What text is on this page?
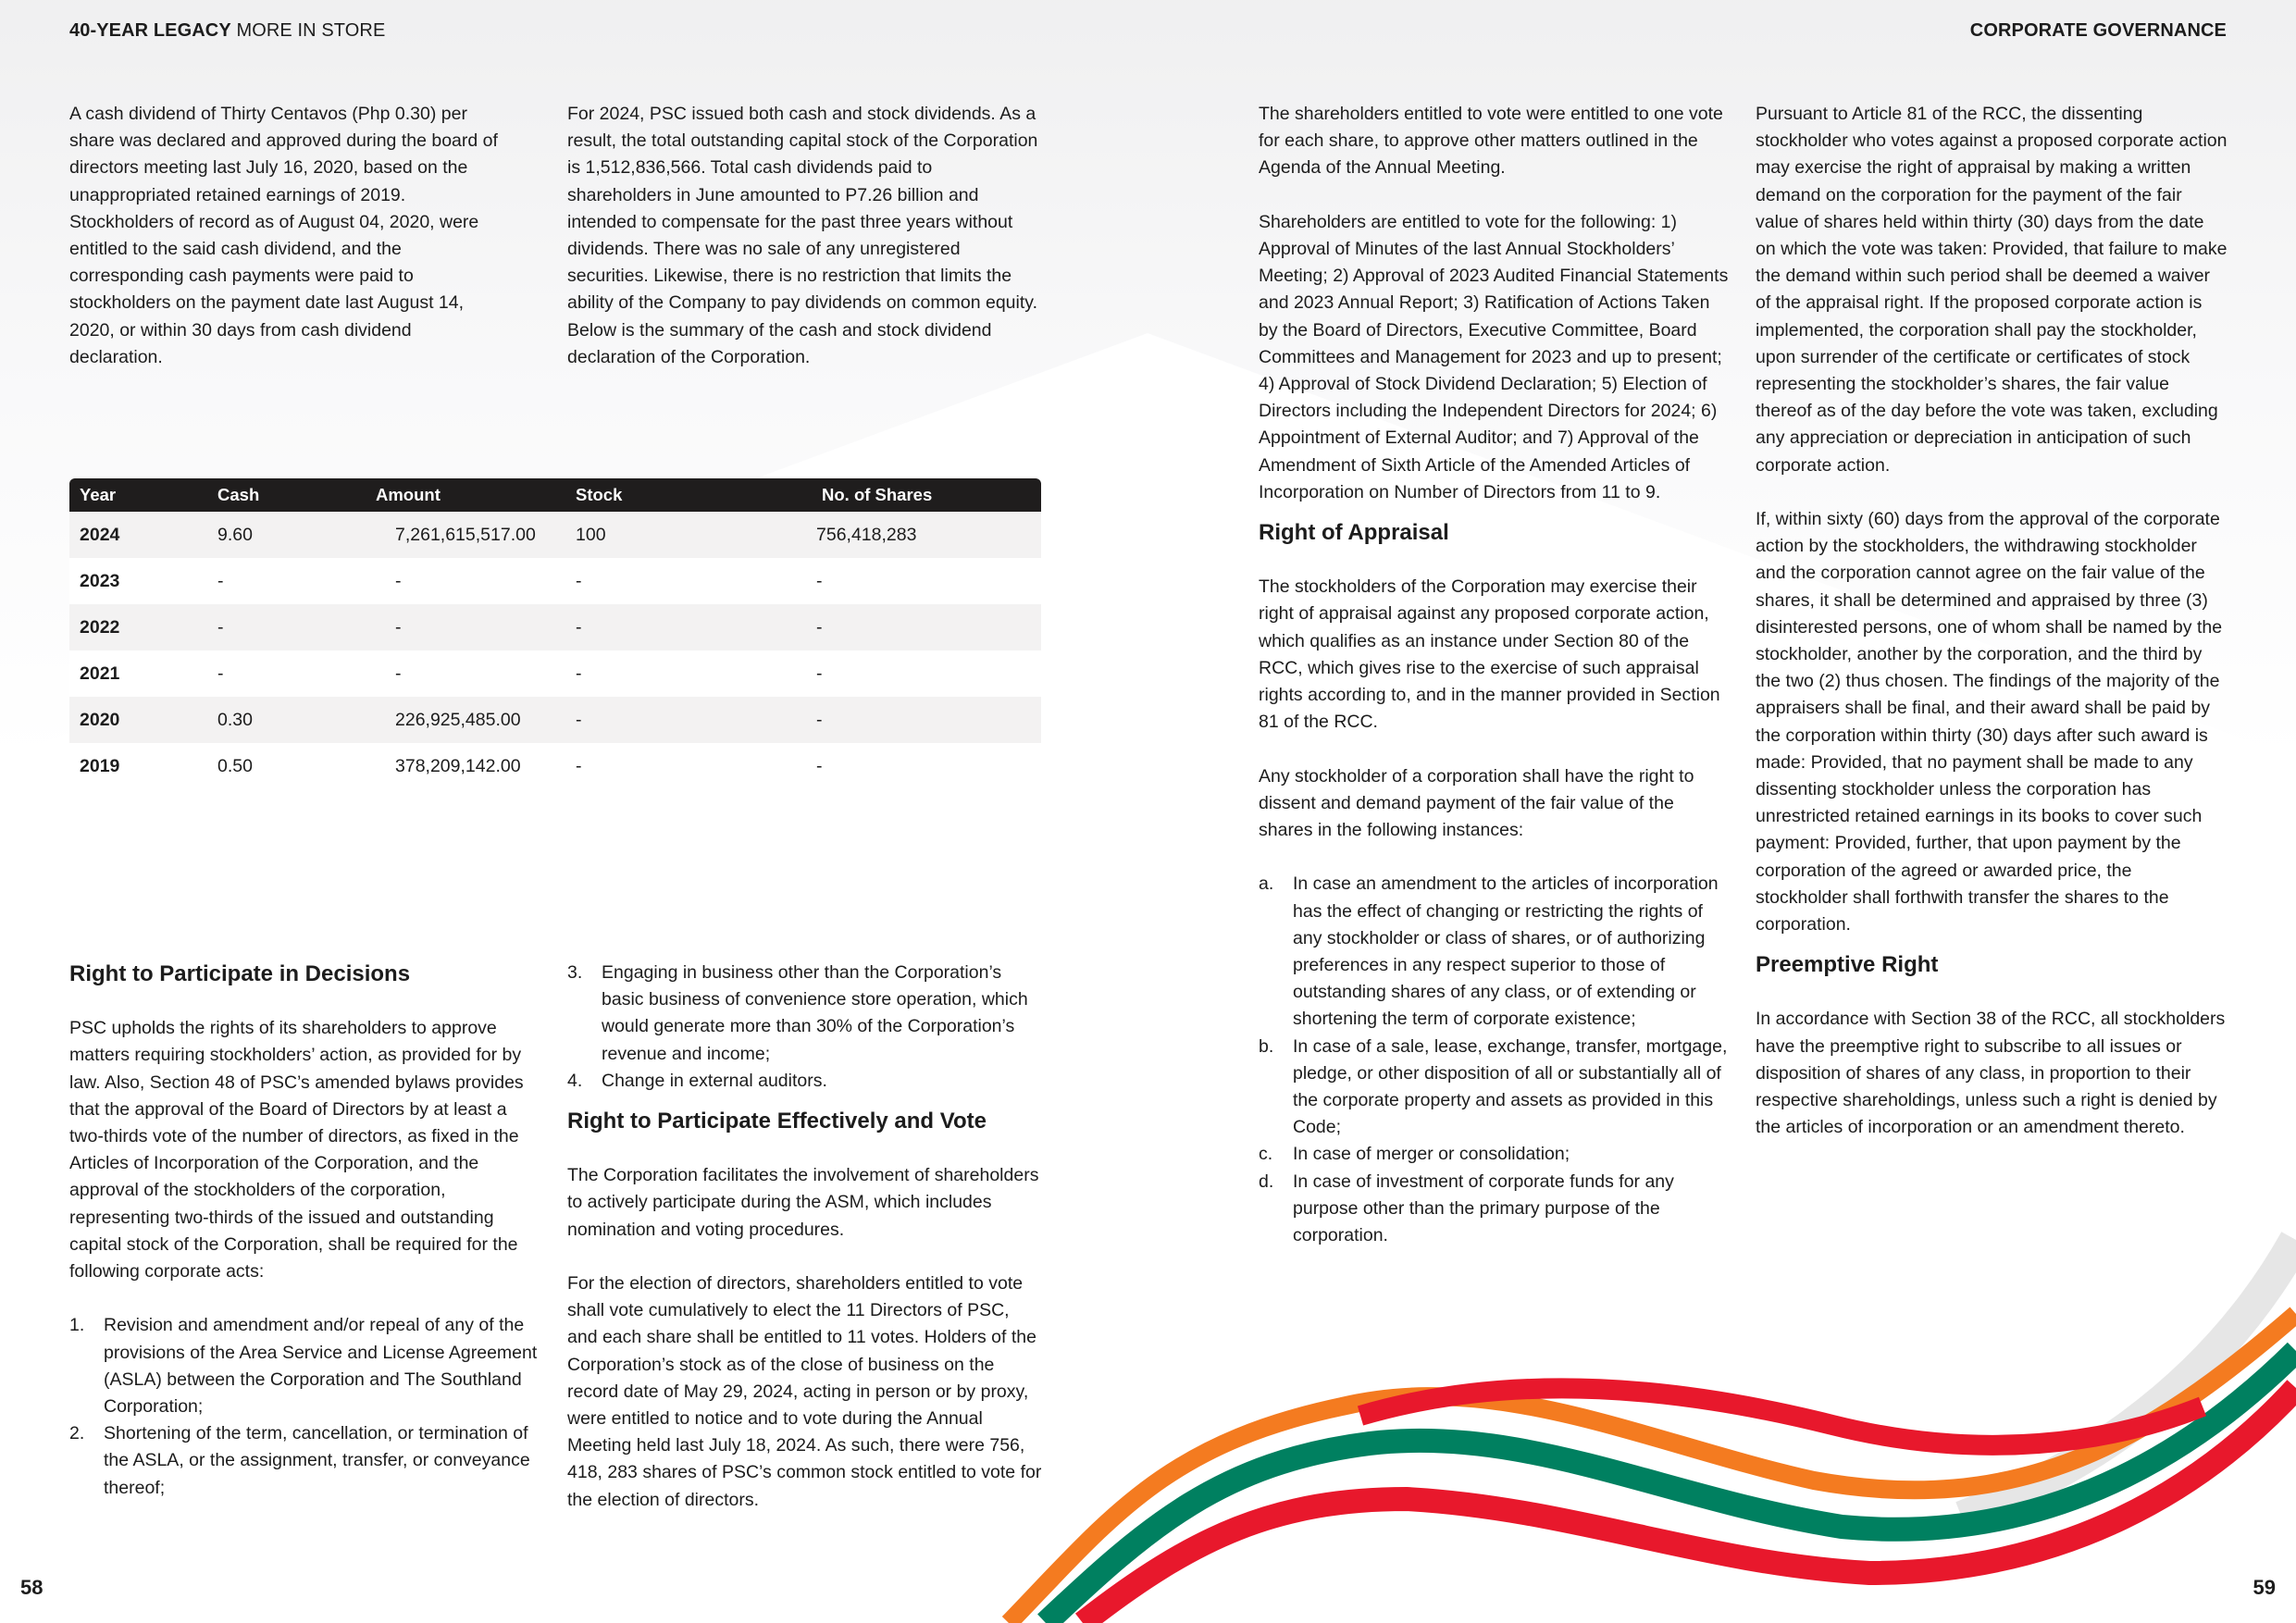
40-YEAR LEGACY MORE IN STORE	CORPORATE GOVERNANCE

A cash dividend of Thirty Centavos (Php 0.30) per share was declared and approved during the board of directors meeting last July 16, 2020, based on the unappropriated retained earnings of 2019. Stockholders of record as of August 04, 2020, were entitled to the said cash dividend, and the corresponding cash payments were paid to stockholders on the payment date last August 14, 2020, or within 30 days from cash dividend declaration.

For 2024, PSC issued both cash and stock dividends. As a result, the total outstanding capital stock of the Corporation is 1,512,836,566. Total cash dividends paid to shareholders in June amounted to P7.26 billion and intended to compensate for the past three years without dividends. There was no sale of any unregistered securities. Likewise, there is no restriction that limits the ability of the Company to pay dividends on common equity. Below is the summary of the cash and stock dividend declaration of the Corporation.

Year	Cash	Amount	Stock	No. of Shares
2024	9.60	7,261,615,517.00	100	756,418,283
2023	-	-	-	-
2022	-	-	-	-
2021	-	-	-	-
2020	0.30	226,925,485.00	-	-
2019	0.50	378,209,142.00	-	-
Right to Participate in Decisions

PSC upholds the rights of its shareholders to approve matters requiring stockholders’ action, as provided for by law. Also, Section 48 of PSC’s amended bylaws provides that the approval of the Board of Directors by at least a two-thirds vote of the number of directors, as fixed in the Articles of Incorporation of the Corporation, and the approval of the stockholders of the corporation, representing two-thirds of the issued and outstanding capital stock of the Corporation, shall be required for the following corporate acts:

1. Revision and amendment and/or repeal of any of the provisions of the Area Service and License Agreement (ASLA) between the Corporation and The Southland Corporation;
2. Shortening of the term, cancellation, or termination of the ASLA, or the assignment, transfer, or conveyance thereof;
3. Engaging in business other than the Corporation’s basic business of convenience store operation, which would generate more than 30% of the Corporation’s revenue and income;
4. Change in external auditors.
Right to Participate Effectively and Vote

The Corporation facilitates the involvement of shareholders to actively participate during the ASM, which includes nomination and voting procedures.

For the election of directors, shareholders entitled to vote shall vote cumulatively to elect the 11 Directors of PSC, and each share shall be entitled to 11 votes. Holders of the Corporation’s stock as of the close of business on the record date of May 29, 2024, acting in person or by proxy, were entitled to notice and to vote during the Annual Meeting held last July 18, 2024. As such, there were 756, 418, 283 shares of PSC’s common stock entitled to vote for the election of directors.

The shareholders entitled to vote were entitled to one vote for each share, to approve other matters outlined in the Agenda of the Annual Meeting.

Shareholders are entitled to vote for the following: 1) Approval of Minutes of the last Annual Stockholders’ Meeting; 2) Approval of 2023 Audited Financial Statements and 2023 Annual Report; 3) Ratification of Actions Taken by the Board of Directors, Executive Committee, Board Committees and Management for 2023 and up to present; 4) Approval of Stock Dividend Declaration; 5) Election of Directors including the Independent Directors for 2024; 6) Appointment of External Auditor; and 7) Approval of the Amendment of Sixth Article of the Amended Articles of Incorporation on Number of Directors from 11 to 9.

Right of Appraisal

The stockholders of the Corporation may exercise their right of appraisal against any proposed corporate action, which qualifies as an instance under Section 80 of the RCC, which gives rise to the exercise of such appraisal rights according to, and in the manner provided in Section 81 of the RCC.

Any stockholder of a corporation shall have the right to dissent and demand payment of the fair value of the shares in the following instances:

a. In case an amendment to the articles of incorporation has the effect of changing or restricting the rights of any stockholder or class of shares, or of authorizing preferences in any respect superior to those of outstanding shares of any class, or of extending or shortening the term of corporate existence;
b. In case of a sale, lease, exchange, transfer, mortgage, pledge, or other disposition of all or substantially all of the corporate property and assets as provided in this Code;
c. In case of merger or consolidation;
d. In case of investment of corporate funds for any purpose other than the primary purpose of the corporation.

Pursuant to Article 81 of the RCC, the dissenting stockholder who votes against a proposed corporate action may exercise the right of appraisal by making a written demand on the corporation for the payment of the fair value of shares held within thirty (30) days from the date on which the vote was taken: Provided, that failure to make the demand within such period shall be deemed a waiver of the appraisal right. If the proposed corporate action is implemented, the corporation shall pay the stockholder, upon surrender of the certificate or certificates of stock representing the stockholder’s shares, the fair value thereof as of the day before the vote was taken, excluding any appreciation or depreciation in anticipation of such corporate action.

If, within sixty (60) days from the approval of the corporate action by the stockholders, the withdrawing stockholder and the corporation cannot agree on the fair value of the shares, it shall be determined and appraised by three (3) disinterested persons, one of whom shall be named by the stockholder, another by the corporation, and the third by the two (2) thus chosen. The findings of the majority of the appraisers shall be final, and their award shall be paid by the corporation within thirty (30) days after such award is made: Provided, that no payment shall be made to any dissenting stockholder unless the corporation has unrestricted retained earnings in its books to cover such payment: Provided, further, that upon payment by the corporation of the agreed or awarded price, the stockholder shall forthwith transfer the shares to the corporation.

Preemptive Right

In accordance with Section 38 of the RCC, all stockholders have the preemptive right to subscribe to all issues or disposition of shares of any class, in proportion to their respective shareholdings, unless such a right is denied by the articles of incorporation or an amendment thereto.

58	59
